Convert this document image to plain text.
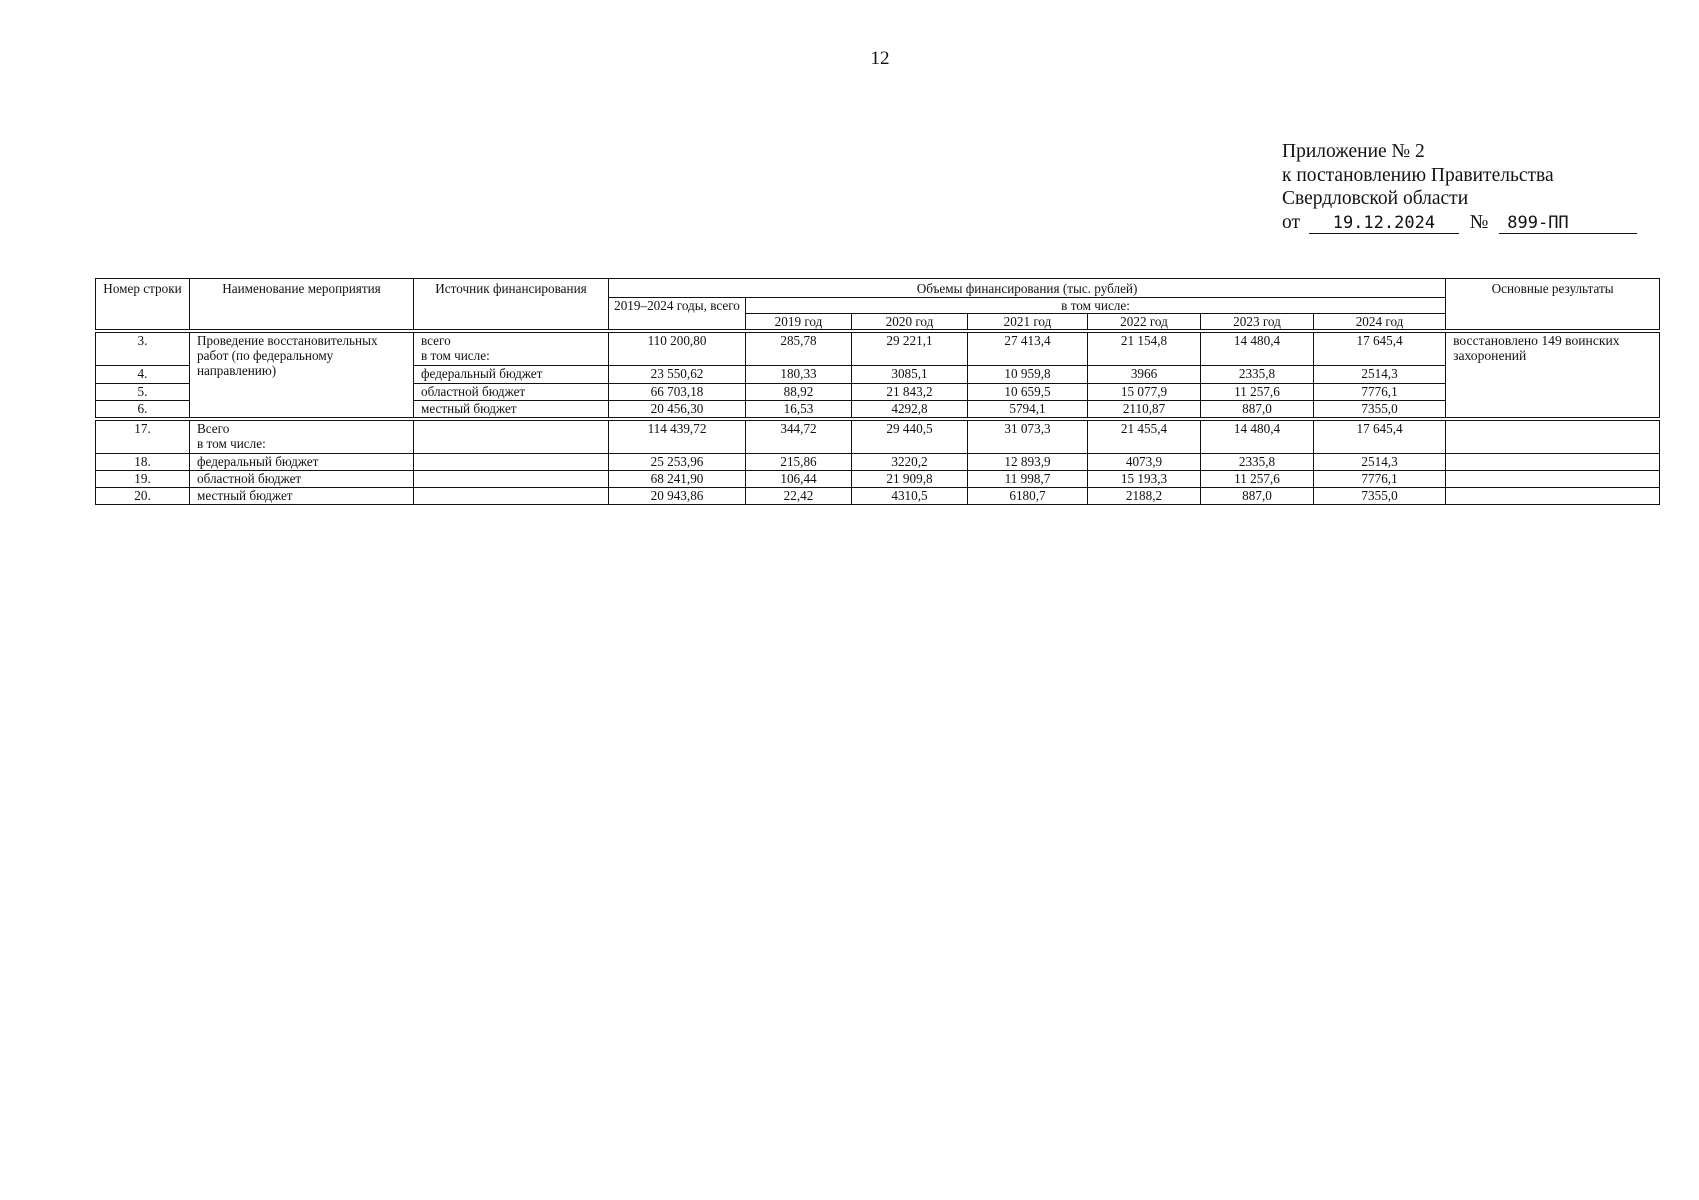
12
Приложение № 2
к постановлению Правительства
Свердловской области
от 19.12.2024 № 899-ПП
Номер строки	Наименование мероприятия	Источник финансирования	Объемы финансирования (тыс. рублей)							Основные результаты
			2019–2024 годы, всего	в том числе:						
				2019 год	2020 год	2021 год	2022 год	2023 год	2024 год	

3.	Проведение восстановительных работ (по федеральному направлению)	всего
в том числе:	110 200,80	285,78	29 221,1	27 413,4	21 154,8	14 480,4	17 645,4	восстановлено 149 воинских захоронений
4.		федеральный бюджет	23 550,62	180,33	3085,1	10 959,8	3966	2335,8	2514,3	
5.		областной бюджет	66 703,18	88,92	21 843,2	10 659,5	15 077,9	11 257,6	7776,1	
6.		местный бюджет	20 456,30	16,53	4292,8	5794,1	2110,87	887,0	7355,0	

17.	Всего
в том числе:		114 439,72	344,72	29 440,5	31 073,3	21 455,4	14 480,4	17 645,4	
18.	федеральный бюджет		25 253,96	215,86	3220,2	12 893,9	4073,9	2335,8	2514,3	
19.	областной бюджет		68 241,90	106,44	21 909,8	11 998,7	15 193,3	11 257,6	7776,1	
20.	местный бюджет		20 943,86	22,42	4310,5	6180,7	2188,2	887,0	7355,0	
